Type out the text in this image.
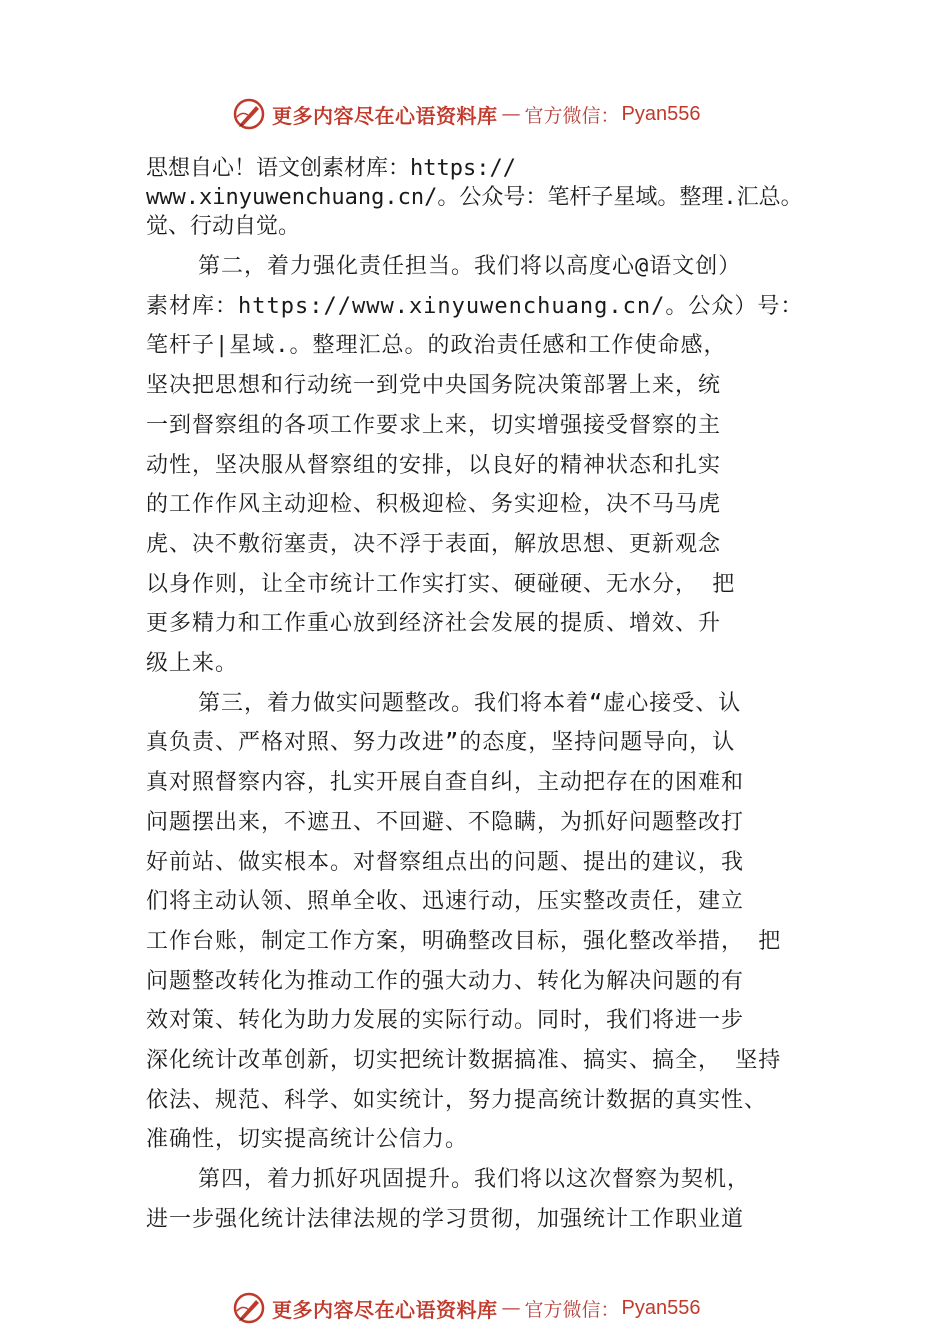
更多内容尽在心语资料库 — 官方微信： Pyan556
思想自心！语文创素材库：https://
www.xinyuwenchuang.cn/。公众号：笔杆子星域。整理.汇总。
觉、行动自觉。
第二，着力强化责任担当。我们将以高度心@语文创）
素材库：https://www.xinyuwenchuang.cn/。公众）号：
笔杆子|星域.。整理汇总。的政治责任感和工作使命感，
坚决把思想和行动统一到党中央国务院决策部署上来，统
一到督察组的各项工作要求上来，切实增强接受督察的主
动性，坚决服从督察组的安排，以良好的精神状态和扎实
的工作作风主动迎检、积极迎检、务实迎检，决不马马虎
虎、决不敷衍塞责，决不浮于表面，解放思想、更新观念
以身作则，让全市统计工作实打实、硬碰硬、无水分， 把
更多精力和工作重心放到经济社会发展的提质、增效、升
级上来。
第三，着力做实问题整改。我们将本着“虚心接受、认
真负责、严格对照、努力改进”的态度，坚持问题导向，认
真对照督察内容，扎实开展自查自纠，主动把存在的困难和
问题摆出来，不遮丑、不回避、不隐瞒，为抓好问题整改打
好前站、做实根本。对督察组点出的问题、提出的建议，我
们将主动认领、照单全收、迅速行动，压实整改责任，建立
工作台账，制定工作方案，明确整改目标，强化整改举措， 把
问题整改转化为推动工作的强大动力、转化为解决问题的有
效对策、转化为助力发展的实际行动。同时，我们将进一步
深化统计改革创新，切实把统计数据搞准、搞实、搞全， 坚持
依法、规范、科学、如实统计，努力提高统计数据的真实性、
准确性，切实提高统计公信力。
第四，着力抓好巩固提升。我们将以这次督察为契机，
进一步强化统计法律法规的学习贯彻，加强统计工作职业道
更多内容尽在心语资料库 — 官方微信： Pyan556
